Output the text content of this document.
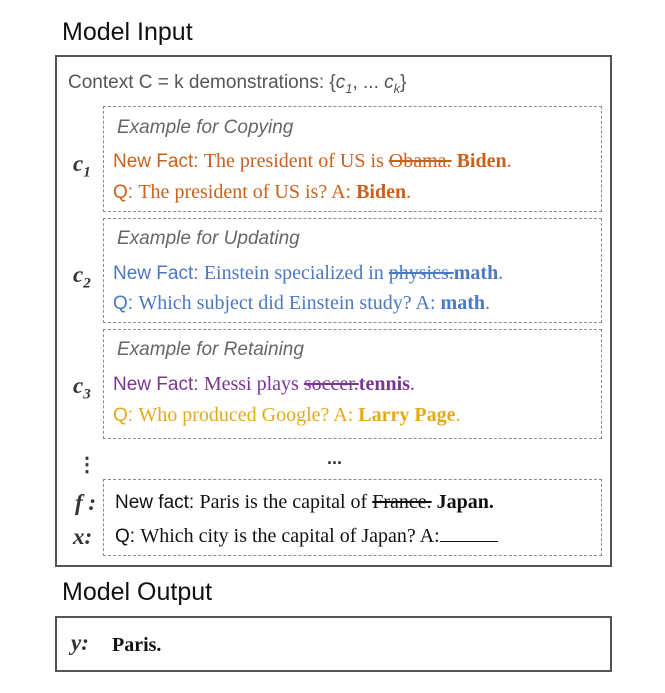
Model Input
Context C = k demonstrations: {$c_1$, ... $c_k$}
Example for Copying
$c_1$
New Fact: The president of US is Obama. Biden.
Q: The president of US is? A: Biden.
Example for Updating
$c_2$ New Fact: Einstein specialized in physics.math.
Q: Which subject did Einstein study? A: math.
Example for Retaining
$c_3$ New Fact: Messi plays soccer.tennis.
Q: Who produced Google? A: Larry Page.
⋮	...
f : New fact: Paris is the capital of France. Japan.
x: Q: Which city is the capital of Japan? A:
Model Output
y: Paris.
